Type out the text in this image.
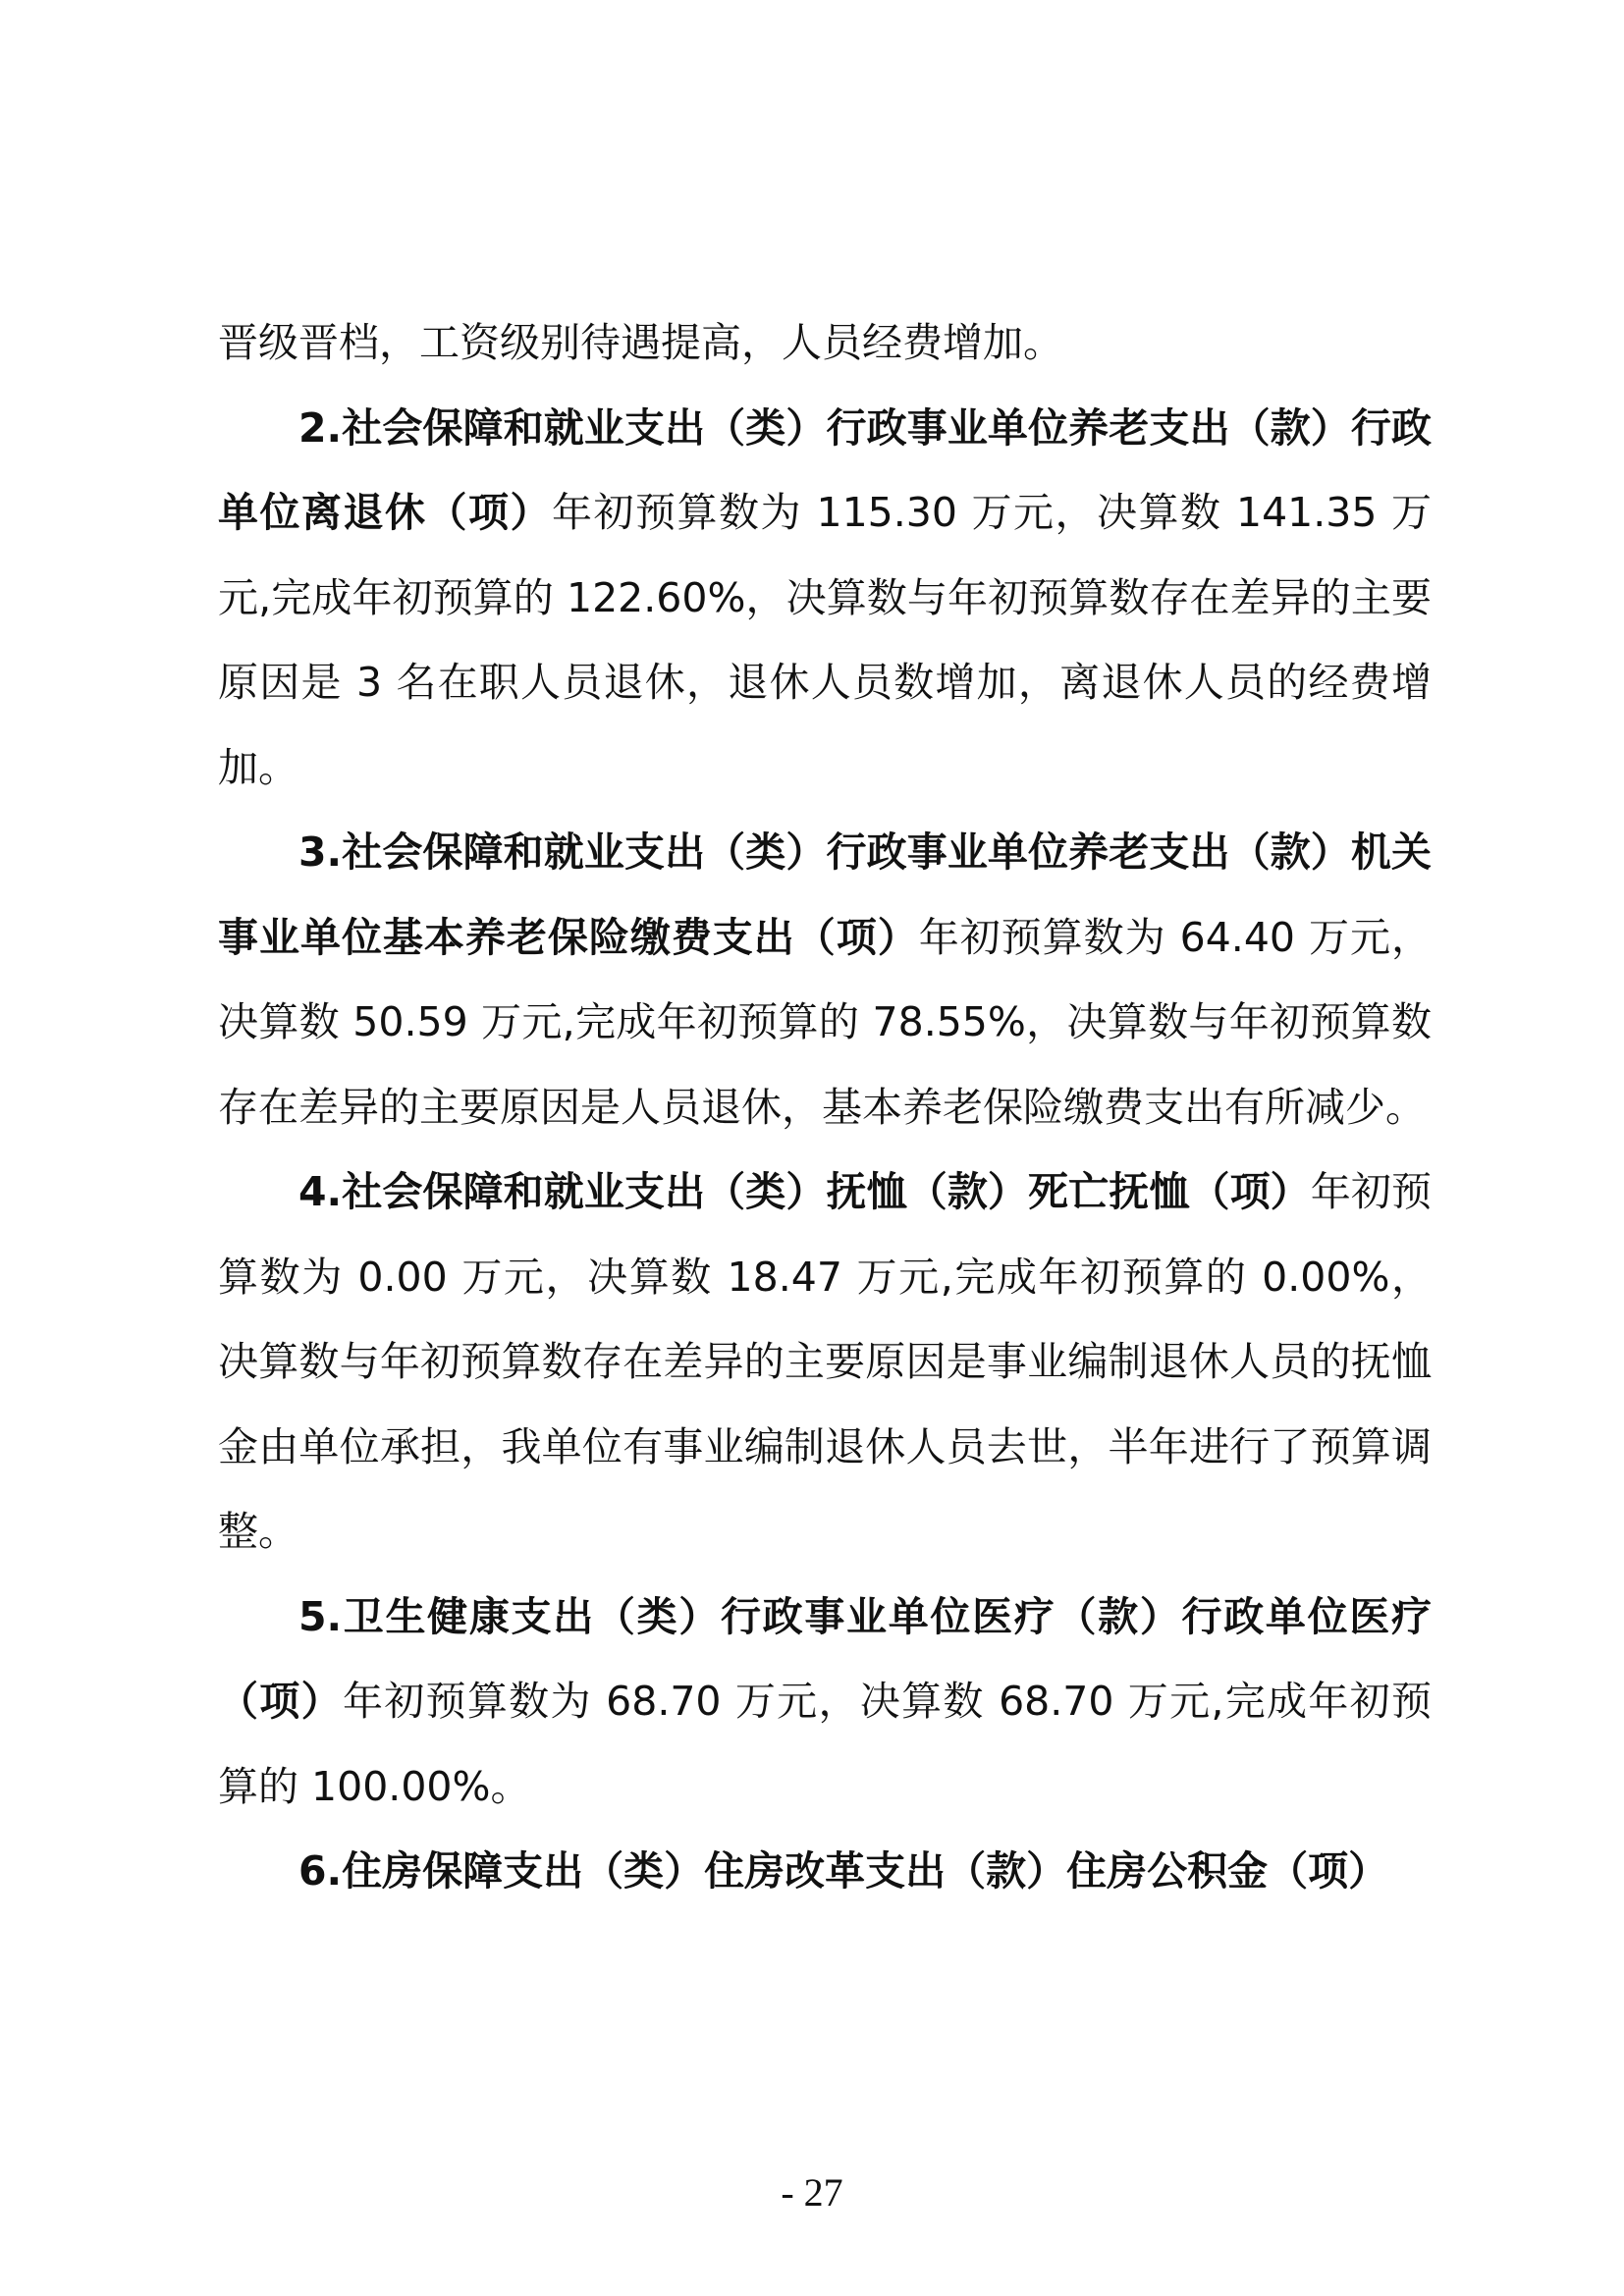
晋级晋档，工资级别待遇提高，人员经费增加。

2.社会保障和就业支出（类）行政事业单位养老支出（款）行政单位离退休（项）年初预算数为 115.30 万元，决算数 141.35 万元,完成年初预算的 122.60%，决算数与年初预算数存在差异的主要原因是 3 名在职人员退休，退休人员数增加，离退休人员的经费增加。

3.社会保障和就业支出（类）行政事业单位养老支出（款）机关事业单位基本养老保险缴费支出（项）年初预算数为 64.40 万元，决算数 50.59 万元,完成年初预算的 78.55%，决算数与年初预算数存在差异的主要原因是人员退休，基本养老保险缴费支出有所减少。

4.社会保障和就业支出（类）抚恤（款）死亡抚恤（项）年初预算数为 0.00 万元，决算数 18.47 万元,完成年初预算的 0.00%，决算数与年初预算数存在差异的主要原因是事业编制退休人员的抚恤金由单位承担，我单位有事业编制退休人员去世，半年进行了预算调整。

5.卫生健康支出（类）行政事业单位医疗（款）行政单位医疗（项）年初预算数为 68.70 万元，决算数 68.70 万元,完成年初预算的 100.00%。

6.住房保障支出（类）住房改革支出（款）住房公积金（项）

- 27
